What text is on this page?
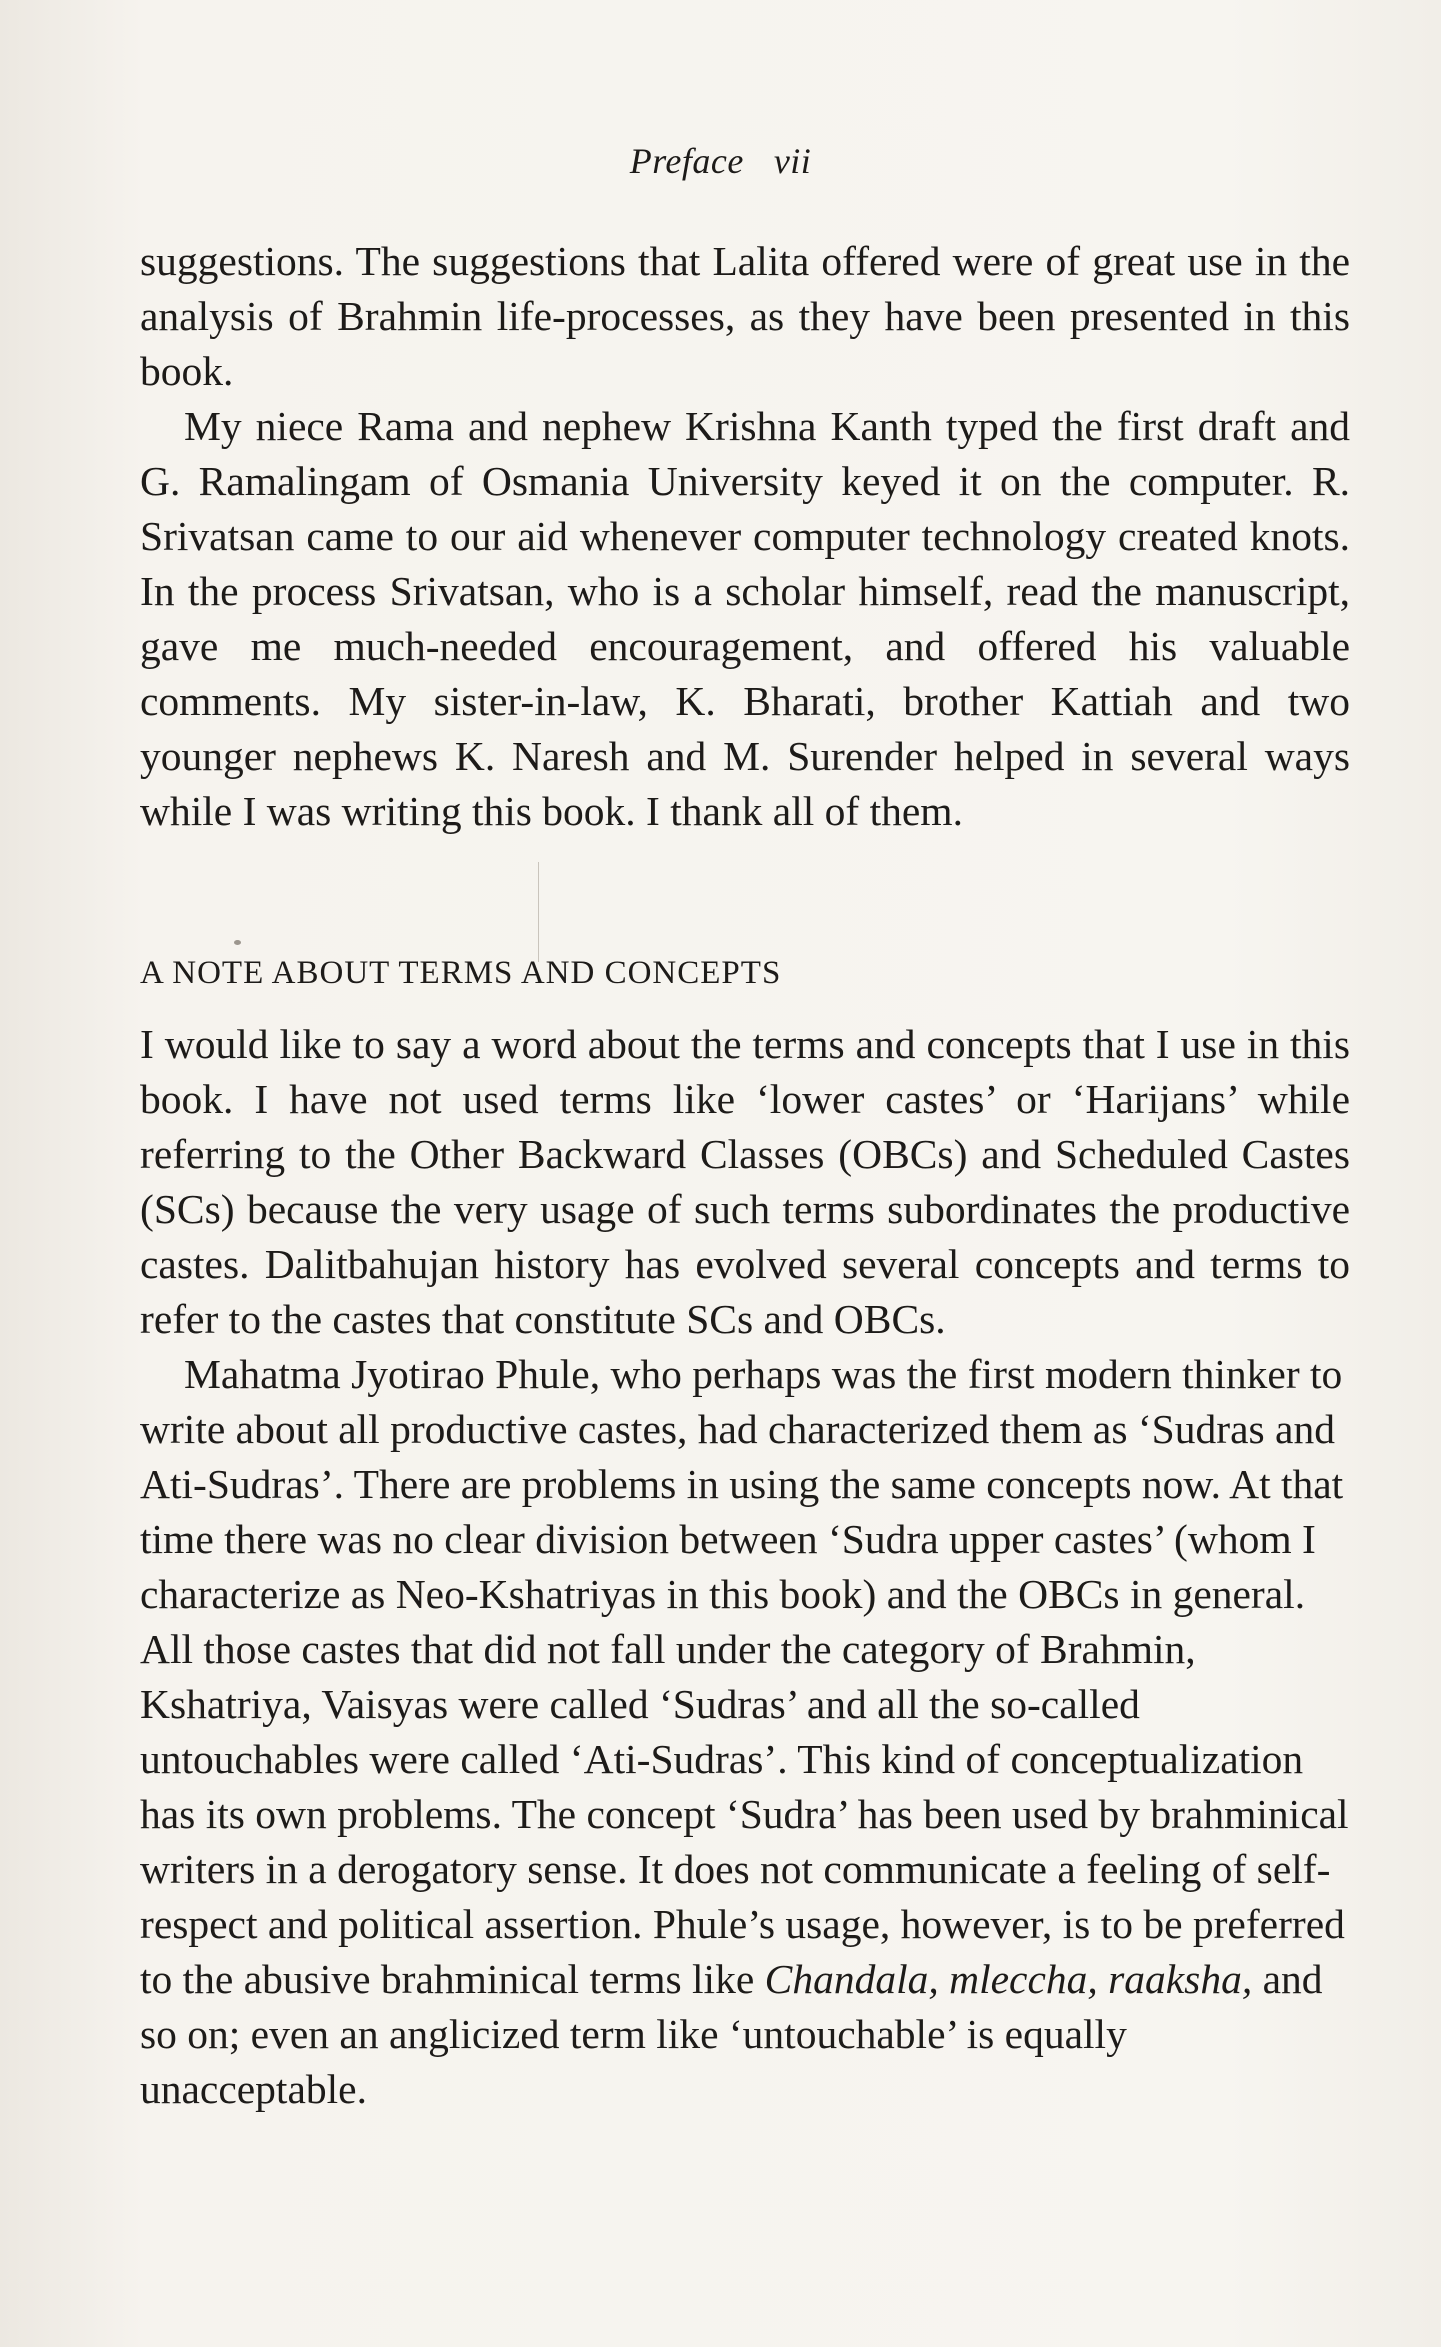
Preface vii

suggestions. The suggestions that Lalita offered were of great use in the analysis of Brahmin life-processes, as they have been presented in this book.

My niece Rama and nephew Krishna Kanth typed the first draft and G. Ramalingam of Osmania University keyed it on the computer. R. Srivatsan came to our aid whenever computer technology created knots. In the process Srivatsan, who is a scholar himself, read the manuscript, gave me much-needed encouragement, and offered his valuable comments. My sister-in-law, K. Bharati, brother Kattiah and two younger nephews K. Naresh and M. Surender helped in several ways while I was writing this book. I thank all of them.

A NOTE ABOUT TERMS AND CONCEPTS

I would like to say a word about the terms and concepts that I use in this book. I have not used terms like ‘lower castes’ or ‘Harijans’ while referring to the Other Backward Classes (OBCs) and Scheduled Castes (SCs) because the very usage of such terms subordinates the productive castes. Dalitbahujan history has evolved several concepts and terms to refer to the castes that constitute SCs and OBCs.

Mahatma Jyotirao Phule, who perhaps was the first modern thinker to write about all productive castes, had characterized them as ‘Sudras and Ati-Sudras’. There are problems in using the same concepts now. At that time there was no clear division between ‘Sudra upper castes’ (whom I characterize as Neo-Kshatriyas in this book) and the OBCs in general. All those castes that did not fall under the category of Brahmin, Kshatriya, Vaisyas were called ‘Sudras’ and all the so-called untouchables were called ‘Ati-Sudras’. This kind of conceptualization has its own problems. The concept ‘Sudra’ has been used by brahminical writers in a derogatory sense. It does not communicate a feeling of self-respect and political assertion. Phule’s usage, however, is to be preferred to the abusive brahminical terms like Chandala, mlеccha, raaksha, and so on; even an anglicized term like ‘untouchable’ is equally unacceptable.
